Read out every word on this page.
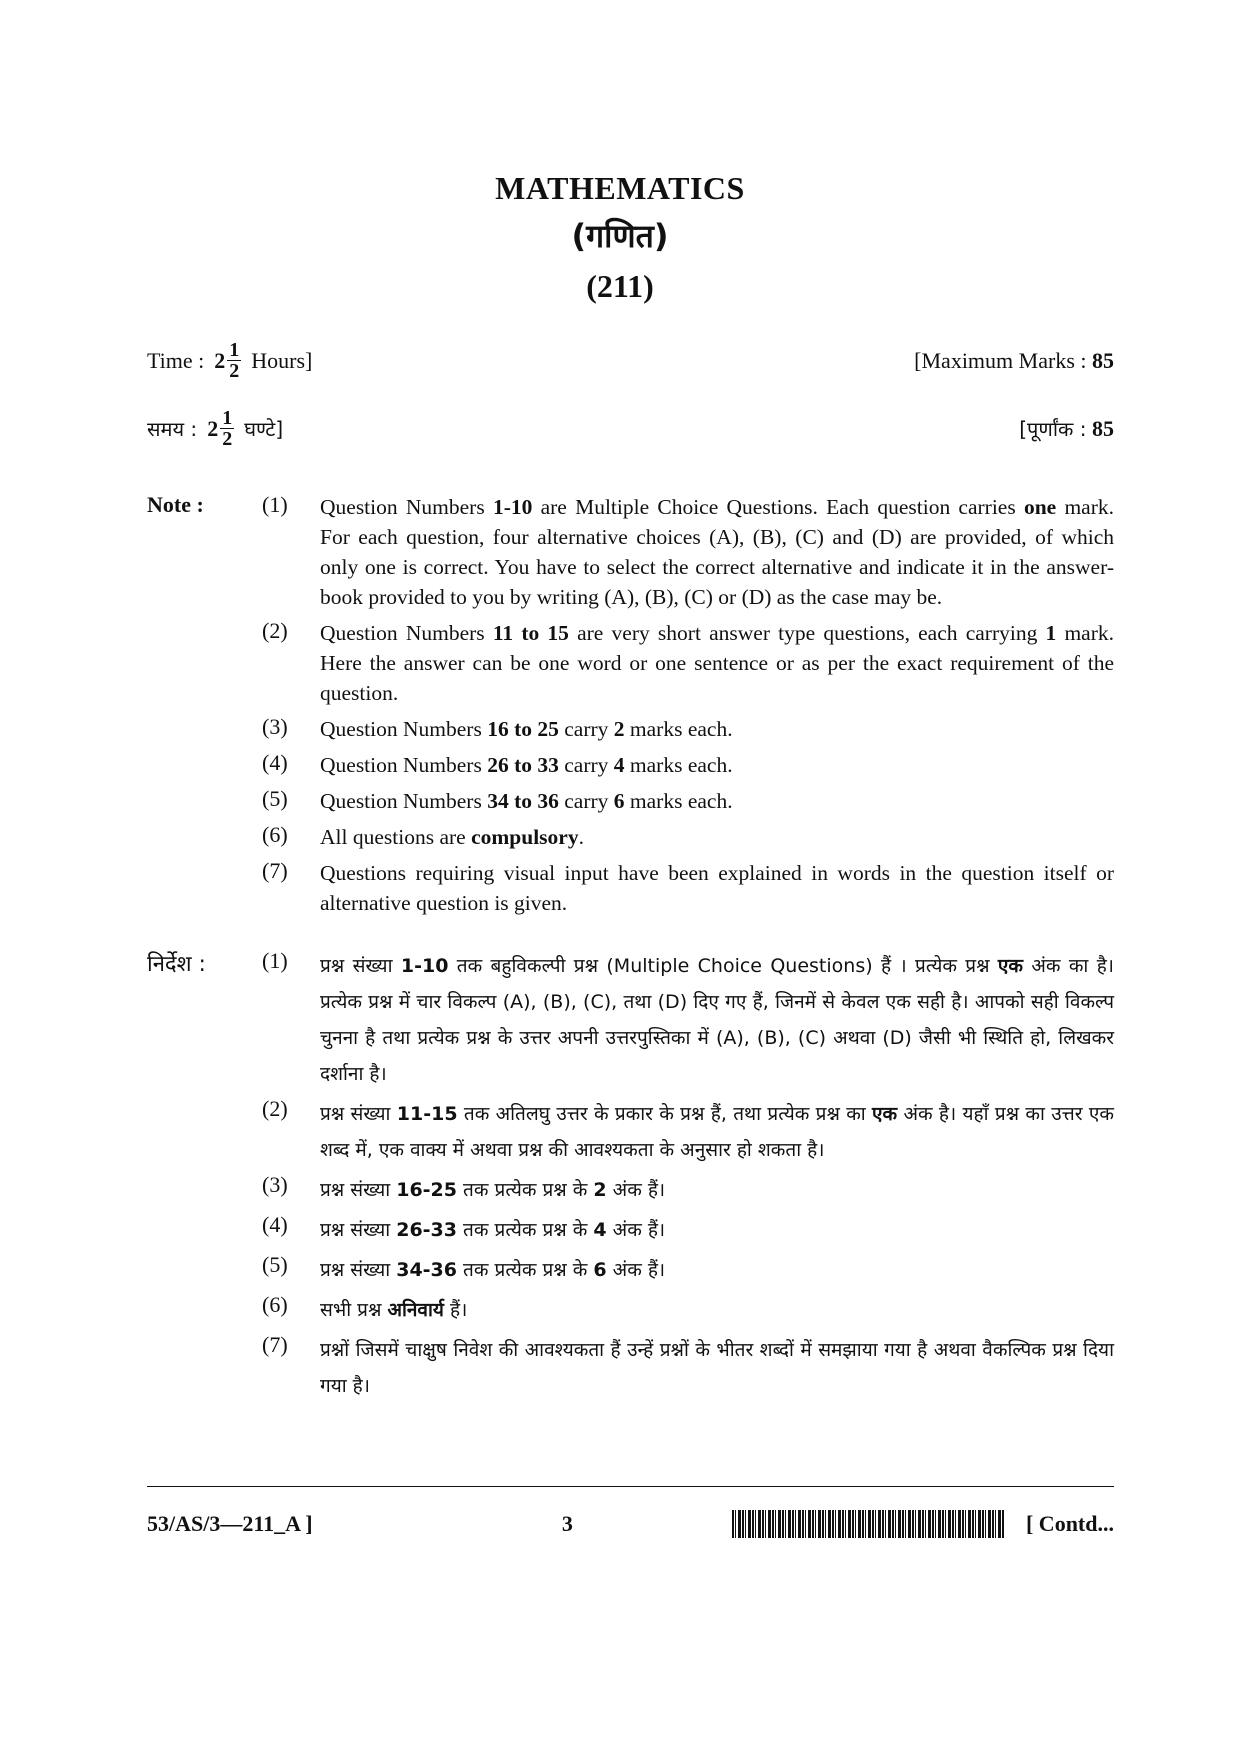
MATHEMATICS
(गणित)
(211)
Time : $2 \frac{1}{2}$ Hours]	[Maximum Marks : 85
समय : $2 \frac{1}{2}$ घण्टे]	[पूर्णांक : 85
Note :	(1)	Question Numbers 1-10 are Multiple Choice Questions. Each question carries one mark. For each question, four alternative choices (A), (B), (C) and (D) are provided, of which only one is correct. You have to select the correct alternative and indicate it in the answer-book provided to you by writing (A), (B), (C) or (D) as the case may be.
(2)	Question Numbers 11 to 15 are very short answer type questions, each carrying 1 mark. Here the answer can be one word or one sentence or as per the exact requirement of the question.
(3)	Question Numbers 16 to 25 carry 2 marks each.
(4)	Question Numbers 26 to 33 carry 4 marks each.
(5)	Question Numbers 34 to 36 carry 6 marks each.
(6)	All questions are compulsory.
(7)	Questions requiring visual input have been explained in words in the question itself or alternative question is given.
निर्देश :	(1)	प्रश्न संख्या 1-10 तक बहुविकल्पी प्रश्न (Multiple Choice Questions) हैं । प्रत्येक प्रश्न एक अंक का है। प्रत्येक प्रश्न में चार विकल्प (A), (B), (C), तथा (D) दिए गए हैं, जिनमें से केवल एक सही है। आपको सही विकल्प चुनना है तथा प्रत्येक प्रश्न के उत्तर अपनी उत्तरपुस्तिका में (A), (B), (C) अथवा (D) जैसी भी स्थिति हो, लिखकर दर्शाना है।
(2)	प्रश्न संख्या 11-15 तक अतिलघु उत्तर के प्रकार के प्रश्न हैं, तथा प्रत्येक प्रश्न का एक अंक है। यहाँ प्रश्न का उत्तर एक शब्द में, एक वाक्य में अथवा प्रश्न की आवश्यकता के अनुसार हो शकता है।
(3)	प्रश्न संख्या 16-25 तक प्रत्येक प्रश्न के 2 अंक हैं।
(4)	प्रश्न संख्या 26-33 तक प्रत्येक प्रश्न के 4 अंक हैं।
(5)	प्रश्न संख्या 34-36 तक प्रत्येक प्रश्न के 6 अंक हैं।
(6)	सभी प्रश्न अनिवार्य हैं।
(7)	प्रश्नों जिसमें चाक्षुष निवेश की आवश्यकता हैं उन्हें प्रश्नों के भीतर शब्दों में समझाया गया है अथवा वैकल्पिक प्रश्न दिया गया है।
53/AS/3—211_A ]	3	[ Contd...
